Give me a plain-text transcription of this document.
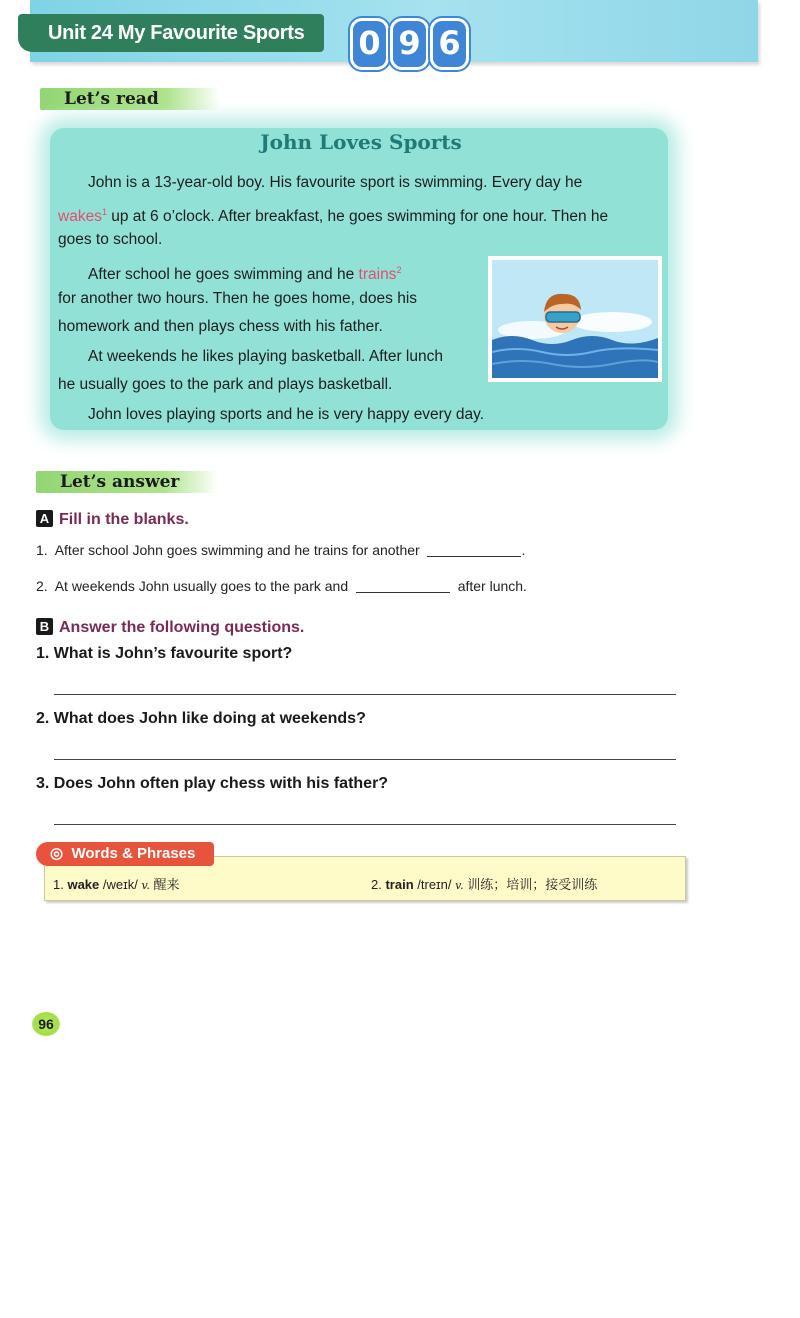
Unit 24 My Favourite Sports	0 9 6
Let’s read
John Loves Sports
John is a 13-year-old boy. His favourite sport is swimming. Every day he
wakes$^1$ up at 6 o’clock. After breakfast, he goes swimming for one hour. Then he
goes to school.
After school he goes swimming and he trains$^2$
for another two hours. Then he goes home, does his
homework and then plays chess with his father.
At weekends he likes playing basketball. After lunch
he usually goes to the park and plays basketball.
John loves playing sports and he is very happy every day.
Let’s answer
A Fill in the blanks.
1. After school John goes swimming and he trains for another	.
2. At weekends John usually goes to the park and	after lunch.
B Answer the following questions.
1. What is John’s favourite sport?
2. What does John like doing at weekends?
3. Does John often play chess with his father?
1. wake /weɪk/ v. 醒来	2. train /treɪn/ v. 训练；培训；接受训练
◎ Words & Phrases
96
